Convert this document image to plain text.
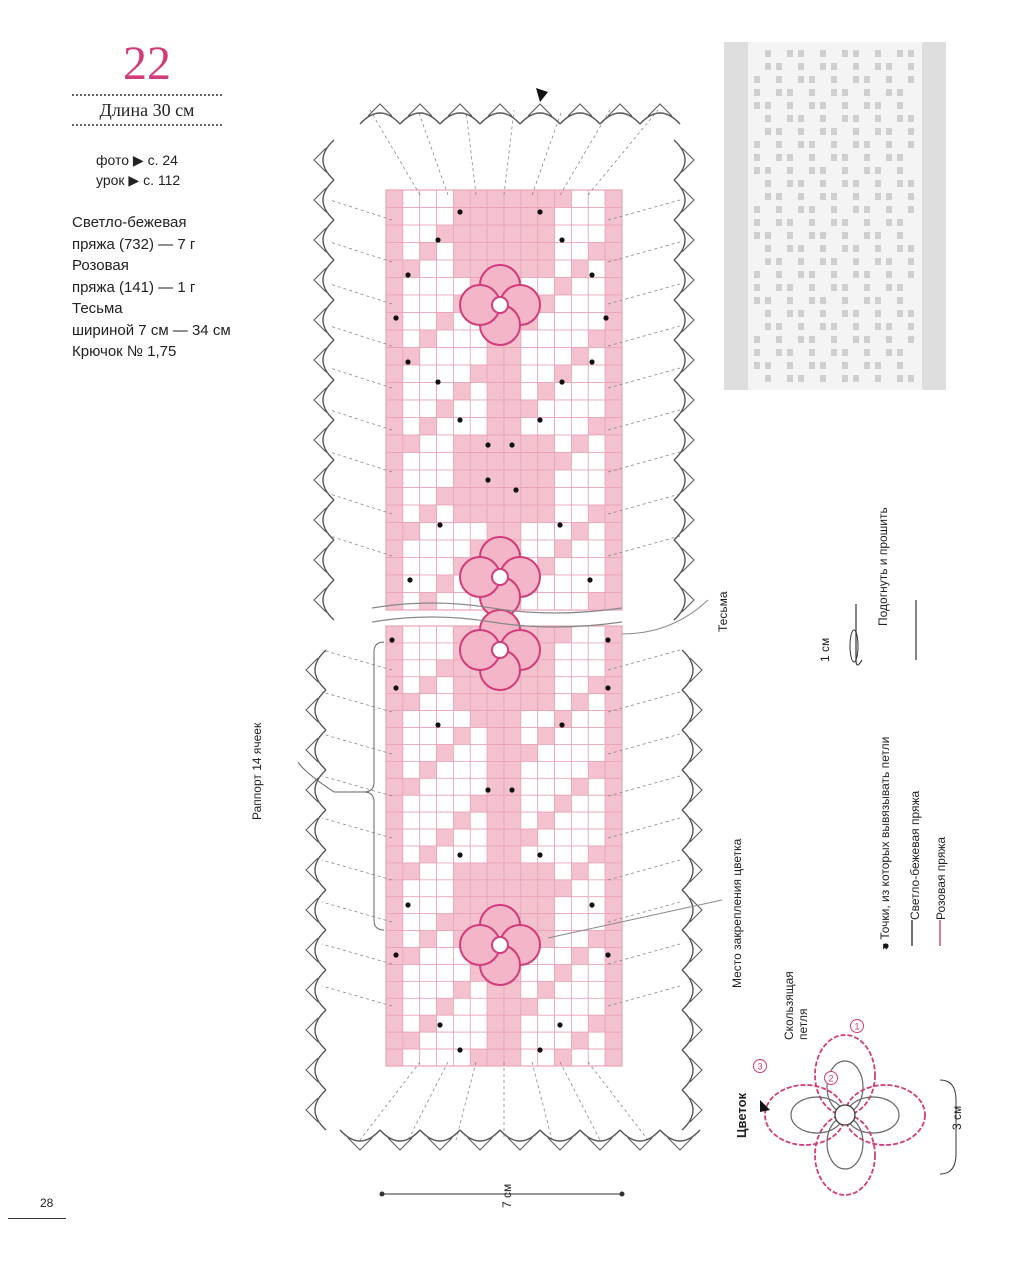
28
22
Длина 30 см
фото ▶ с. 24
урок ▶ с. 112
Светло-бежевая
пряжа (732) — 7 г
Розовая
пряжа (141) — 1 г
Тесьма
шириной 7 см — 34 см
Крючок № 1,75
1
2
3
Раппорт 14 ячеек
Место закрепления цветка
Тесьма	Подогнуть и прошить
1 см
7 см
= Точки, из которых вывязывать петли Светло-бежевая пряжа Розовая пряжа
Цветок
Скользящая петля
3 см
